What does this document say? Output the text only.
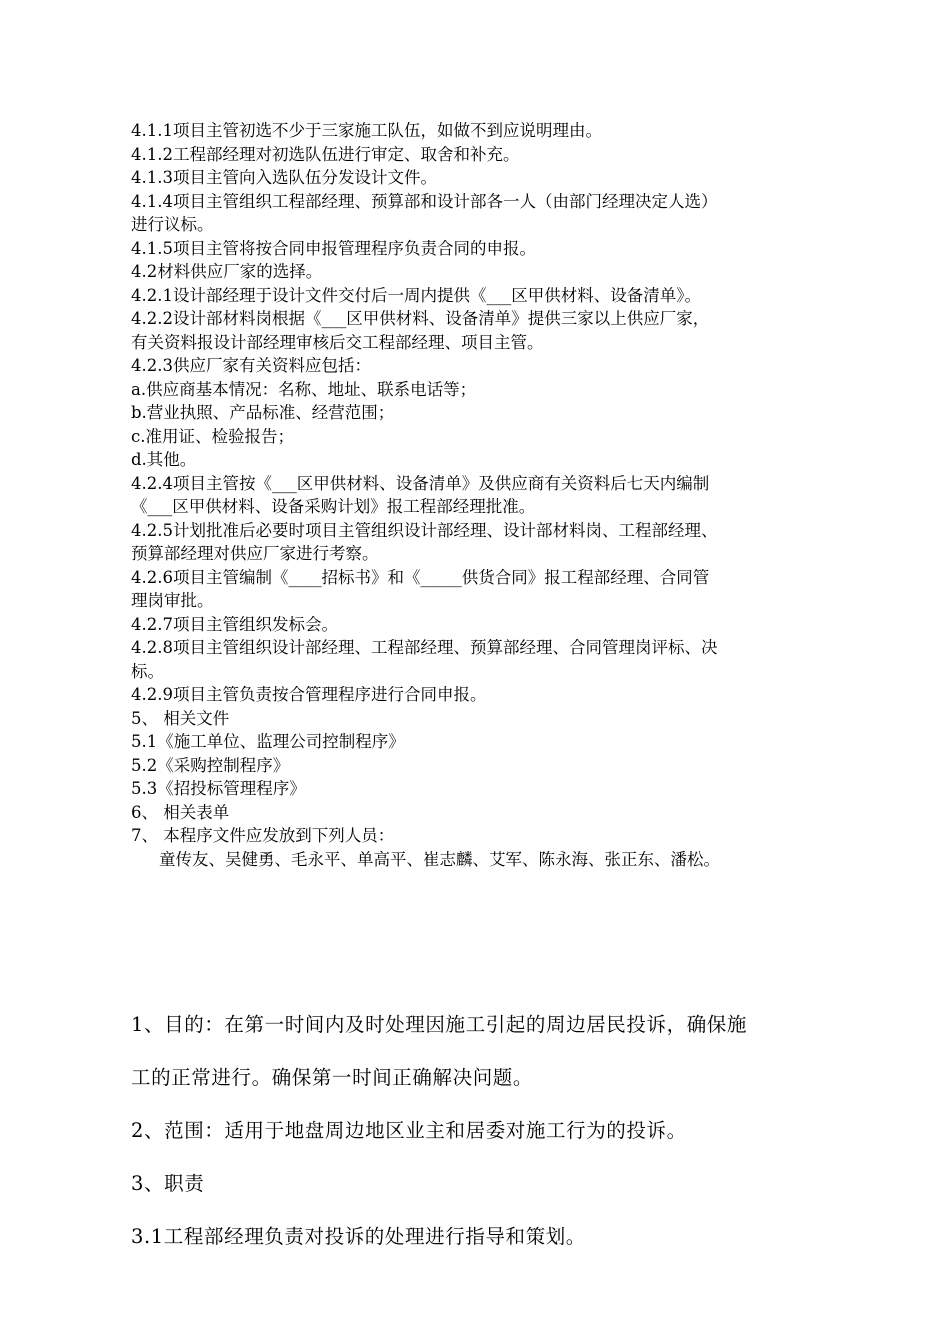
4.1.1项目主管初选不少于三家施工队伍，如做不到应说明理由。

4.1.2工程部经理对初选队伍进行审定、取舍和补充。

4.1.3项目主管向入选队伍分发设计文件。

4.1.4项目主管组织工程部经理、预算部和设计部各一人（由部门经理决定人选）

进行议标。

4.1.5项目主管将按合同申报管理程序负责合同的申报。

4.2材料供应厂家的选择。

4.2.1设计部经理于设计文件交付后一周内提供《___区甲供材料、设备清单》。

4.2.2设计部材料岗根据《___区甲供材料、设备清单》提供三家以上供应厂家，

有关资料报设计部经理审核后交工程部经理、项目主管。

4.2.3供应厂家有关资料应包括：

a.供应商基本情况：名称、地址、联系电话等；

b.营业执照、产品标准、经营范围；

c.准用证、检验报告；

d.其他。

4.2.4项目主管按《___区甲供材料、设备清单》及供应商有关资料后七天内编制

《___区甲供材料、设备采购计划》报工程部经理批准。

4.2.5计划批准后必要时项目主管组织设计部经理、设计部材料岗、工程部经理、

预算部经理对供应厂家进行考察。

4.2.6项目主管编制《____招标书》和《_____供货合同》报工程部经理、合同管

理岗审批。

4.2.7项目主管组织发标会。

4.2.8项目主管组织设计部经理、工程部经理、预算部经理、合同管理岗评标、决

标。

4.2.9项目主管负责按合管理程序进行合同申报。

5、 相关文件

5.1《施工单位、监理公司控制程序》

5.2《采购控制程序》

5.3《招投标管理程序》

6、 相关表单

7、 本程序文件应发放到下列人员：

童传友、吴健勇、毛永平、单高平、崔志麟、艾军、陈永海、张正东、潘松。

1、目的：在第一时间内及时处理因施工引起的周边居民投诉，确保施

工的正常进行。确保第一时间正确解决问题。

2、范围：适用于地盘周边地区业主和居委对施工行为的投诉。

3、职责

3.1工程部经理负责对投诉的处理进行指导和策划。
